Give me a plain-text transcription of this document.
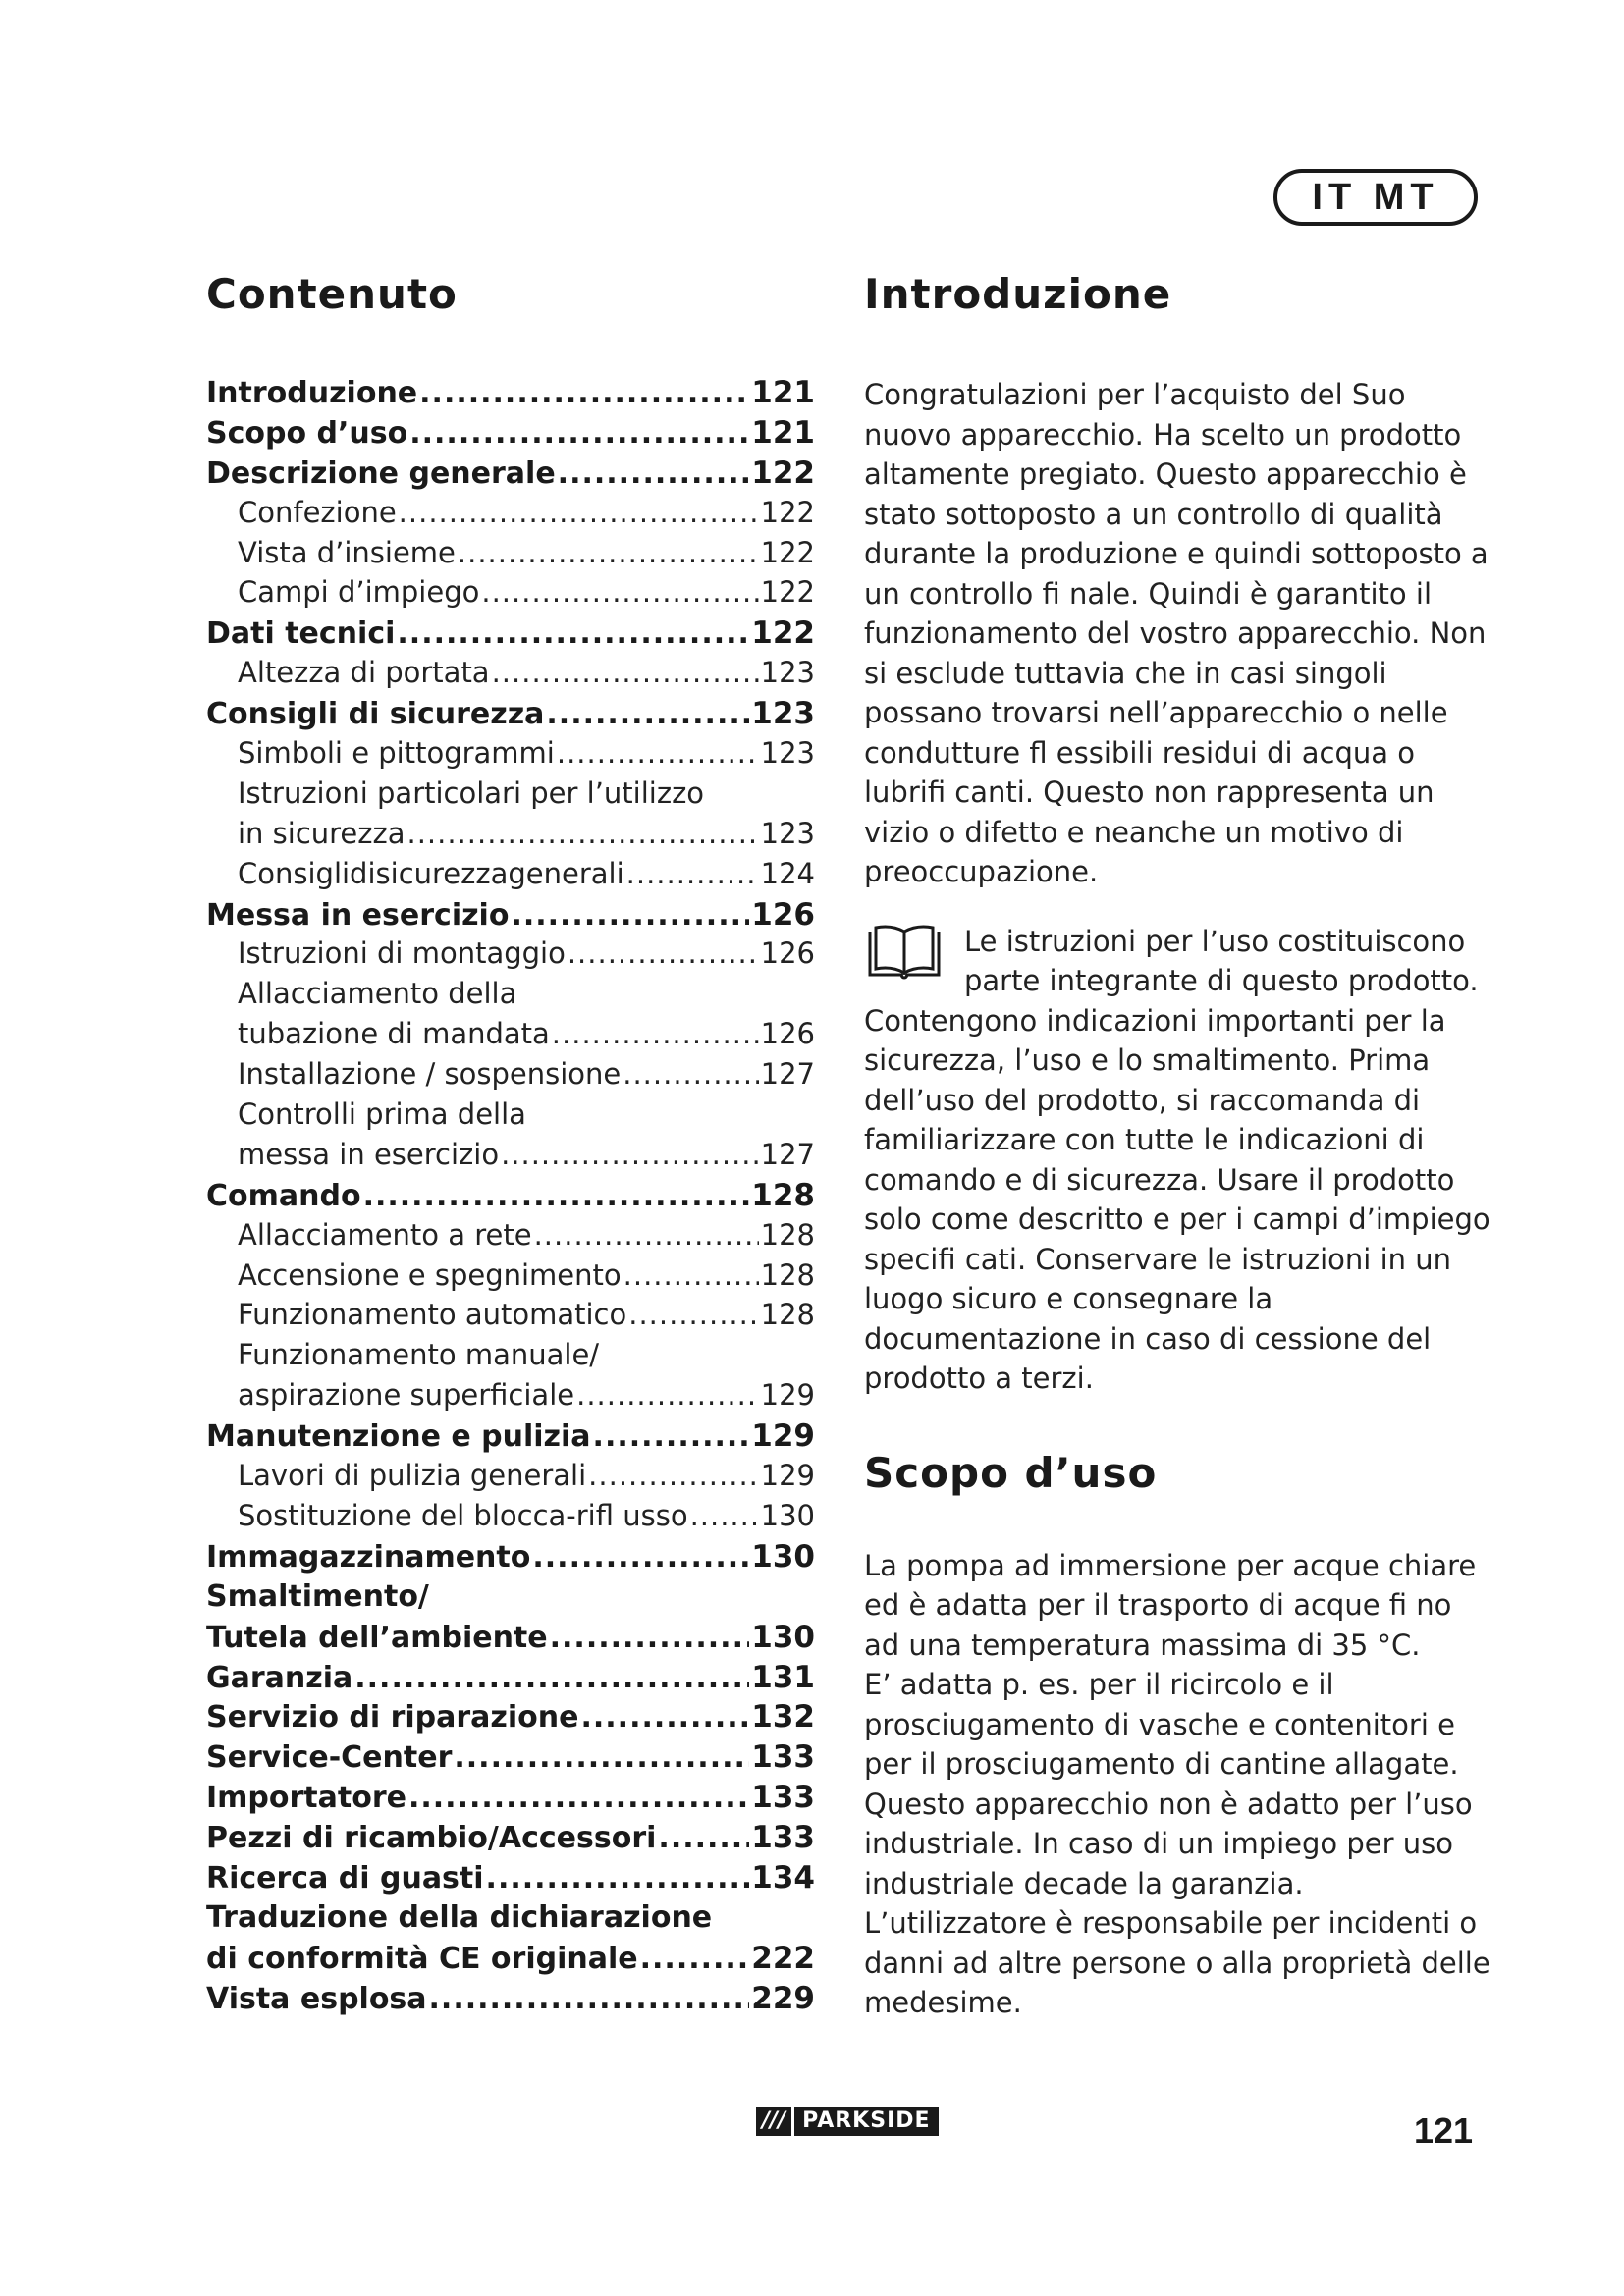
IT MT
Contenuto
Introduzione .....	121
Scopo d’uso .....	121
Descrizione generale .....	122
Confezione .....	122
Vista d’insieme .....	122
Campi d’impiego .....	122
Dati tecnici .....	122
Altezza di portata .....	123
Consigli di sicurezza .....	123
Simboli e pittogrammi .....	123
Istruzioni particolari per l’utilizzo
in sicurezza .....	123
Consiglidisicurezzagenerali .....	124
Messa in esercizio .....	126
Istruzioni di montaggio .....	126
Allacciamento della
tubazione di mandata .....	126
Installazione / sospensione .....	127
Controlli prima della
messa in esercizio .....	127
Comando .....	128
Allacciamento a rete .....	128
Accensione e spegnimento .....	128
Funzionamento automatico .....	128
Funzionamento manuale/
aspirazione superficiale .....	129
Manutenzione e pulizia .....	129
Lavori di pulizia generali .....	129
Sostituzione del blocca-rifl usso .....	130
Immagazzinamento .....	130
Smaltimento/
Tutela dell’ambiente .....	130
Garanzia .....	131
Servizio di riparazione .....	132
Service-Center .....	133
Importatore .....	133
Pezzi di ricambio/Accessori .....	133
Ricerca di guasti .....	134
Traduzione della dichiarazione
di conformità CE originale .....	222
Vista esplosa .....	229
Introduzione

Congratulazioni per l’acquisto del Suo nuovo apparecchio. Ha scelto un prodotto altamente pregiato. Questo apparecchio è stato sottoposto a un controllo di qualità durante la produzione e quindi sottoposto a un controllo fi nale. Quindi è garantito il funzionamento del vostro apparecchio. Non si esclude tuttavia che in casi singoli possano trovarsi nell’apparecchio o nelle condutture fl essibili residui di acqua o lubrifi canti. Questo non rappresenta un vizio o difetto e neanche un motivo di preoccupazione.

Le istruzioni per l’uso costituiscono parte integrante di questo prodotto.
Contengono indicazioni importanti per la sicurezza, l’uso e lo smaltimento. Prima dell’uso del prodotto, si raccomanda di familiarizzare con tutte le indicazioni di comando e di sicurezza. Usare il prodotto solo come descritto e per i campi d’impiego specifi cati. Conservare le istruzioni in un luogo sicuro e consegnare la documentazione in caso di cessione del prodotto a terzi.

Scopo d’uso

La pompa ad immersione per acque chiare ed è adatta per il trasporto di acque fi no ad una temperatura massima di 35 °C.

E’ adatta p. es. per il ricircolo e il prosciugamento di vasche e contenitori e per il prosciugamento di cantine allagate. Questo apparecchio non è adatto per l’uso industriale. In caso di un impiego per uso industriale decade la garanzia. L’utilizzatore è responsabile per incidenti o danni ad altre persone o alla proprietà delle medesime.

/// PARKSIDE	121
